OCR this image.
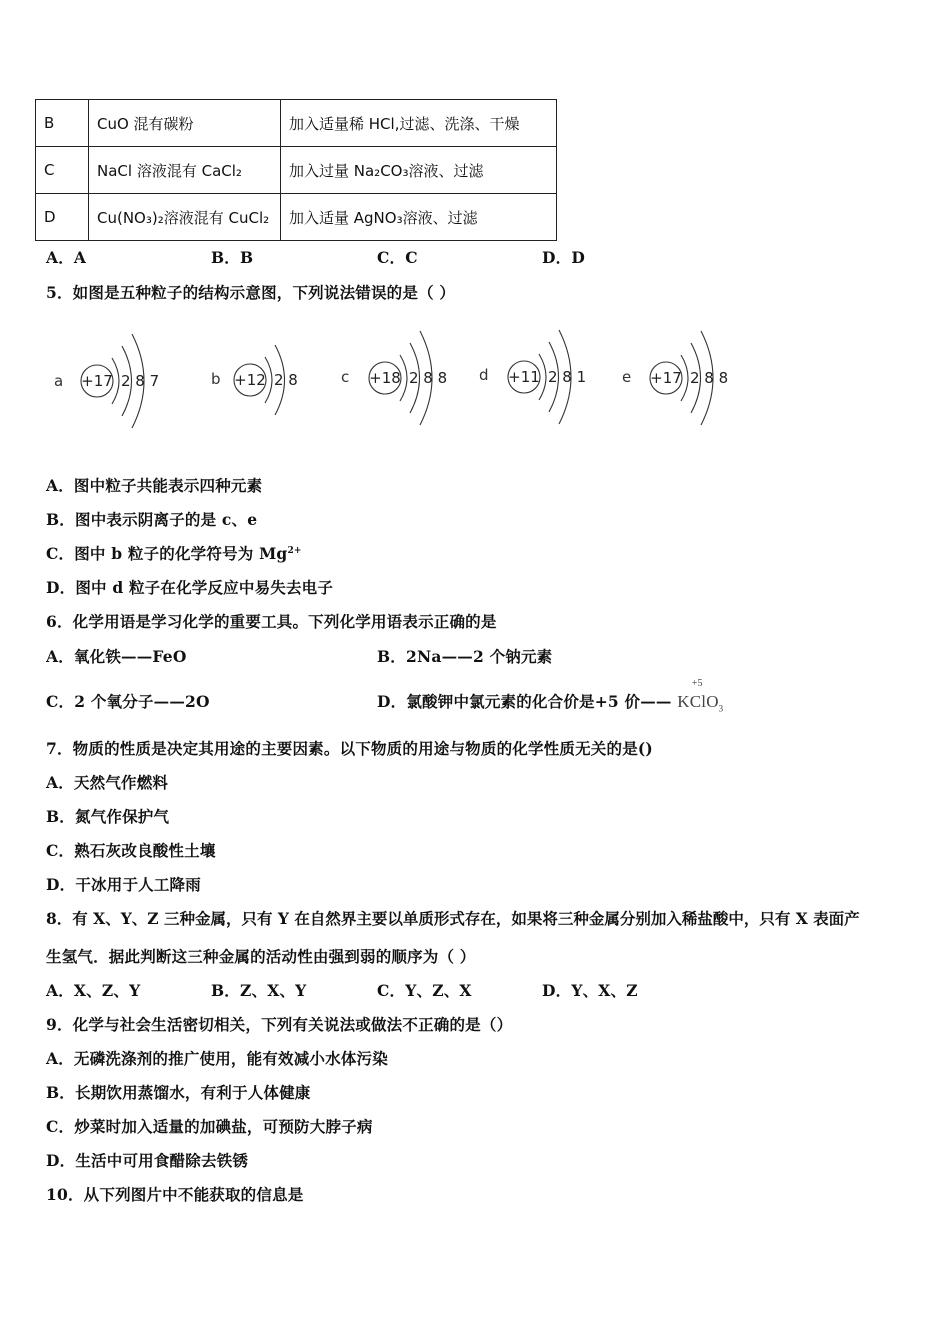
B	CuO 混有碳粉	加入适量稀 HCl,过滤、洗涤、干燥
C	NaCl 溶液混有 CaCl₂	加入过量 Na₂CO₃溶液、过滤
D	Cu(NO₃)₂溶液混有 CuCl₂	加入适量 AgNO₃溶液、过滤
A．A	B．B	C．C	D．D
5．如图是五种粒子的结构示意图，下列说法错误的是（ ）
a +17 2 8 7	b +12 2 8	c +18 2 8 8 d +11 2 8 1 e +17 2 8 8
A．图中粒子共能表示四种元素
B．图中表示阴离子的是 c、e
C．图中 b 粒子的化学符号为 $Mg^{2+}$
D．图中 d 粒子在化学反应中易失去电子
6．化学用语是学习化学的重要工具。下列化学用语表示正确的是
A．氧化铁——FeO	B．2Na——2 个钠元素
C．2 个氧分子——2O	D．氯酸钾中氯元素的化合价是+5 价—— K
+5
ClO$_3$
7．物质的性质是决定其用途的主要因素。以下物质的用途与物质的化学性质无关的是()
A．天然气作燃料
B．氮气作保护气
C．熟石灰改良酸性土壤
D．干冰用于人工降雨
8．有 X、Y、Z 三种金属，只有 Y 在自然界主要以单质形式存在，如果将三种金属分别加入稀盐酸中，只有 X 表面产
生氢气．据此判断这三种金属的活动性由强到弱的顺序为（ ）
A．X、Z、Y	B．Z、X、Y	C．Y、Z、X	D．Y、X、Z
9．化学与社会生活密切相关，下列有关说法或做法不正确的是（）
A．无磷洗涤剂的推广使用，能有效减小水体污染
B．长期饮用蒸馏水，有利于人体健康
C．炒菜时加入适量的加碘盐，可预防大脖子病
D．生活中可用食醋除去铁锈
10．从下列图片中不能获取的信息是
